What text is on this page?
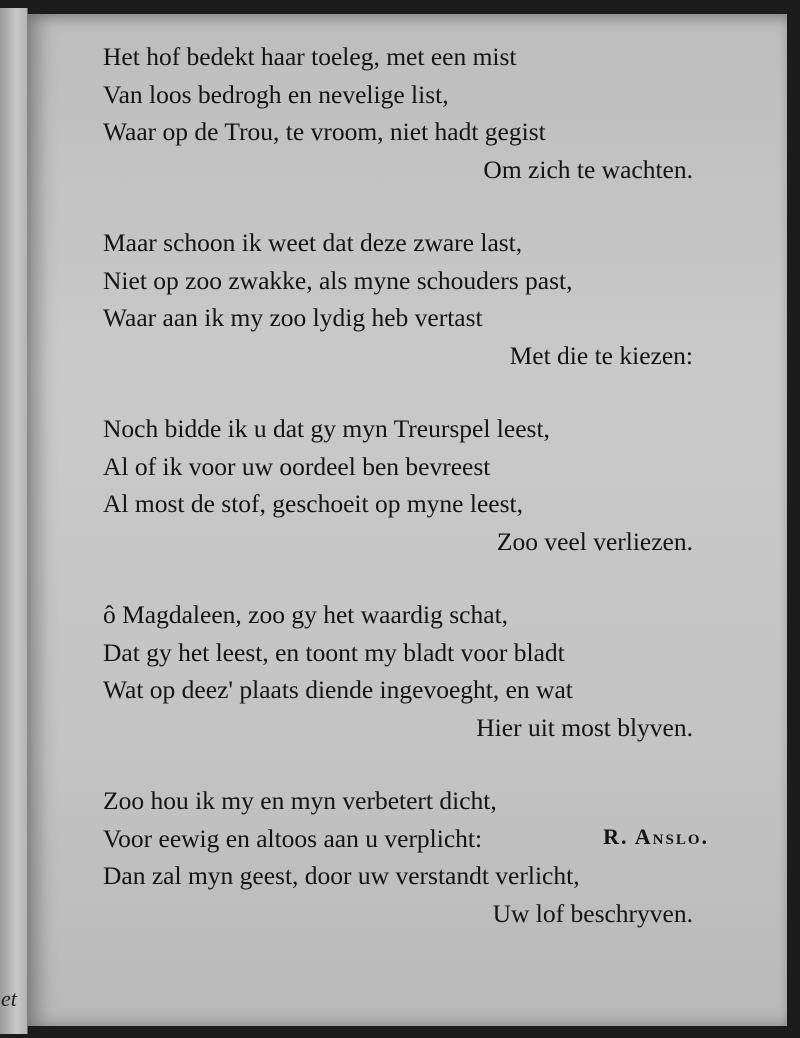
et
Het hof bedekt haar toeleg, met een mist
Van loos bedrogh en nevelige list,
Waar op de Trou, te vroom, niet hadt gegist
Om zich te wachten.
Maar schoon ik weet dat deze zware last,
Niet op zoo zwakke, als myne schouders past,
Waar aan ik my zoo lydig heb vertast
Met die te kiezen:
Noch bidde ik u dat gy myn Treurspel leest,
Al of ik voor uw oordeel ben bevreest
Al most de stof, geschoeit op myne leest,
Zoo veel verliezen.
ô Magdaleen, zoo gy het waardig schat,
Dat gy het leest, en toont my bladt voor bladt
Wat op deez' plaats diende ingevoeght, en wat
Hier uit most blyven.
Zoo hou ik my en myn verbetert dicht,
Voor eewig en altoos aan u verplicht:
Dan zal myn geest, door uw verstandt verlicht,
Uw lof beschryven.
R. Anslo.
